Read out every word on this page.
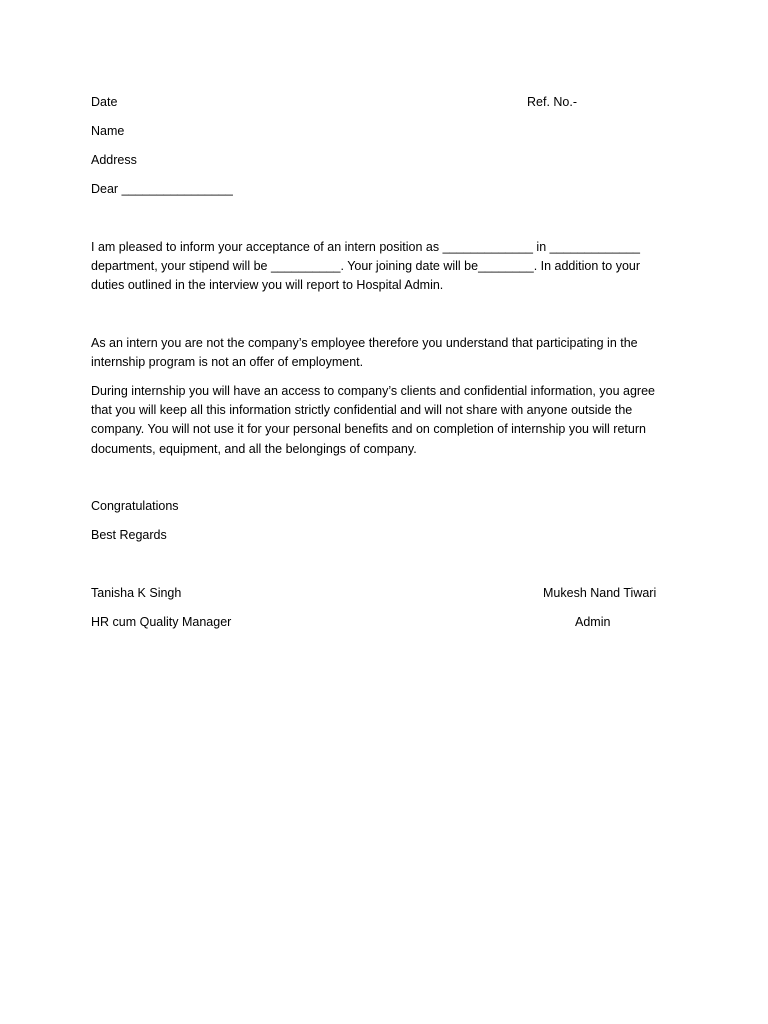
Date	Ref. No.-
Name
Address
Dear ________________
I am pleased to inform your acceptance of an intern position as _____________ in _____________
department, your stipend will be __________. Your joining date will be________. In addition to your
duties outlined in the interview you will report to Hospital Admin.
As an intern you are not the company’s employee therefore you understand that participating in the
internship program is not an offer of employment.
During internship you will have an access to company’s clients and confidential information, you agree
that you will keep all this information strictly confidential and will not share with anyone outside the
company. You will not use it for your personal benefits and on completion of internship you will return
documents, equipment, and all the belongings of company.
Congratulations
Best Regards
Tanisha K Singh	Mukesh Nand Tiwari
HR cum Quality Manager	Admin
